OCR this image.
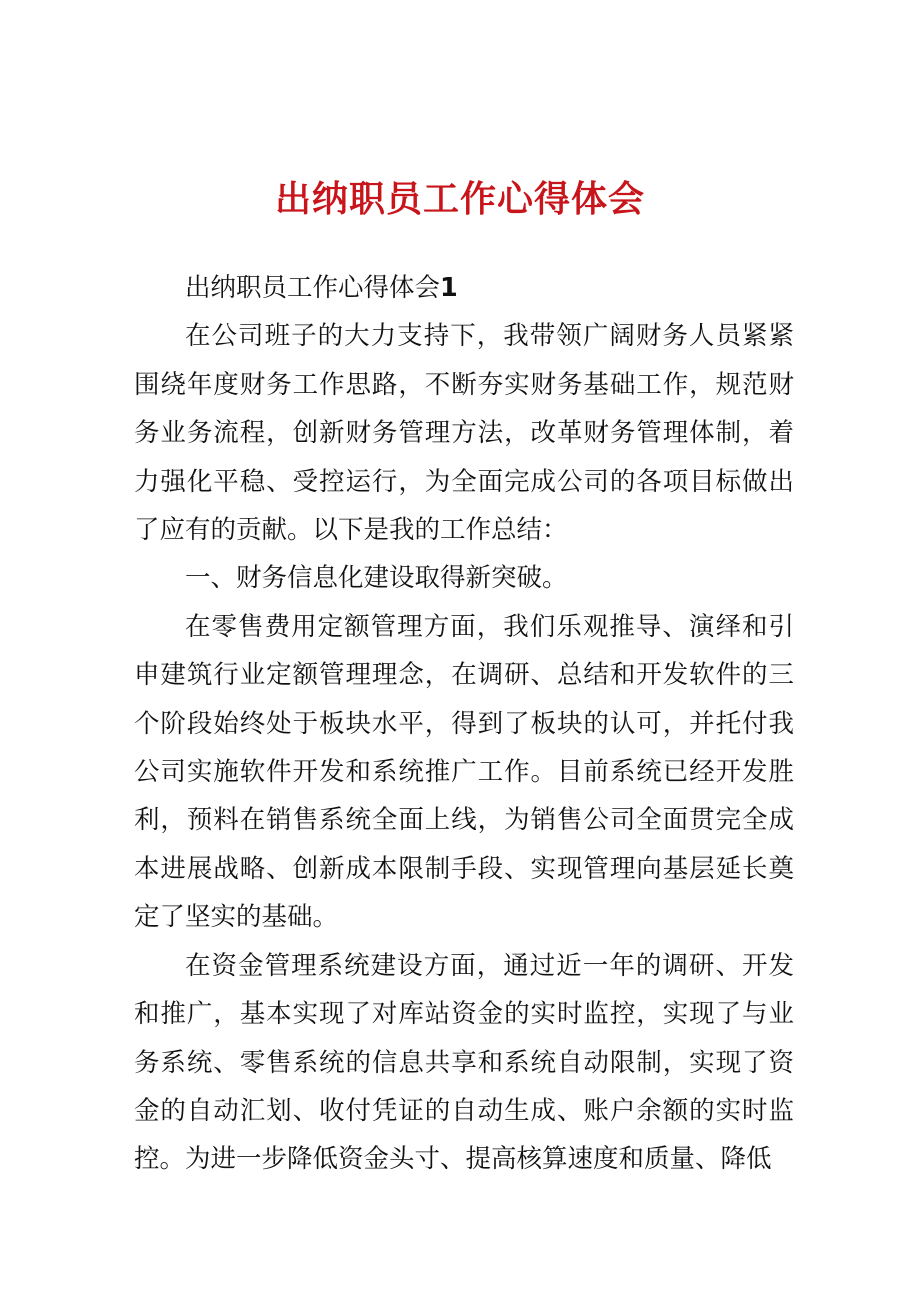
出纳职员工作心得体会

出纳职员工作心得体会1

在公司班子的大力支持下，我带领广阔财务人员紧紧围绕年度财务工作思路，不断夯实财务基础工作，规范财务业务流程，创新财务管理方法，改革财务管理体制，着力强化平稳、受控运行，为全面完成公司的各项目标做出了应有的贡献。以下是我的工作总结：

一、财务信息化建设取得新突破。

在零售费用定额管理方面，我们乐观推导、演绎和引申建筑行业定额管理理念，在调研、总结和开发软件的三个阶段始终处于板块水平，得到了板块的认可，并托付我公司实施软件开发和系统推广工作。目前系统已经开发胜利，预料在销售系统全面上线，为销售公司全面贯完全成本进展战略、创新成本限制手段、实现管理向基层延长奠定了坚实的基础。

在资金管理系统建设方面，通过近一年的调研、开发和推广，基本实现了对库站资金的实时监控，实现了与业务系统、零售系统的信息共享和系统自动限制，实现了资金的自动汇划、收付凭证的自动生成、账户余额的实时监控。为进一步降低资金头寸、提高核算速度和质量、降低
